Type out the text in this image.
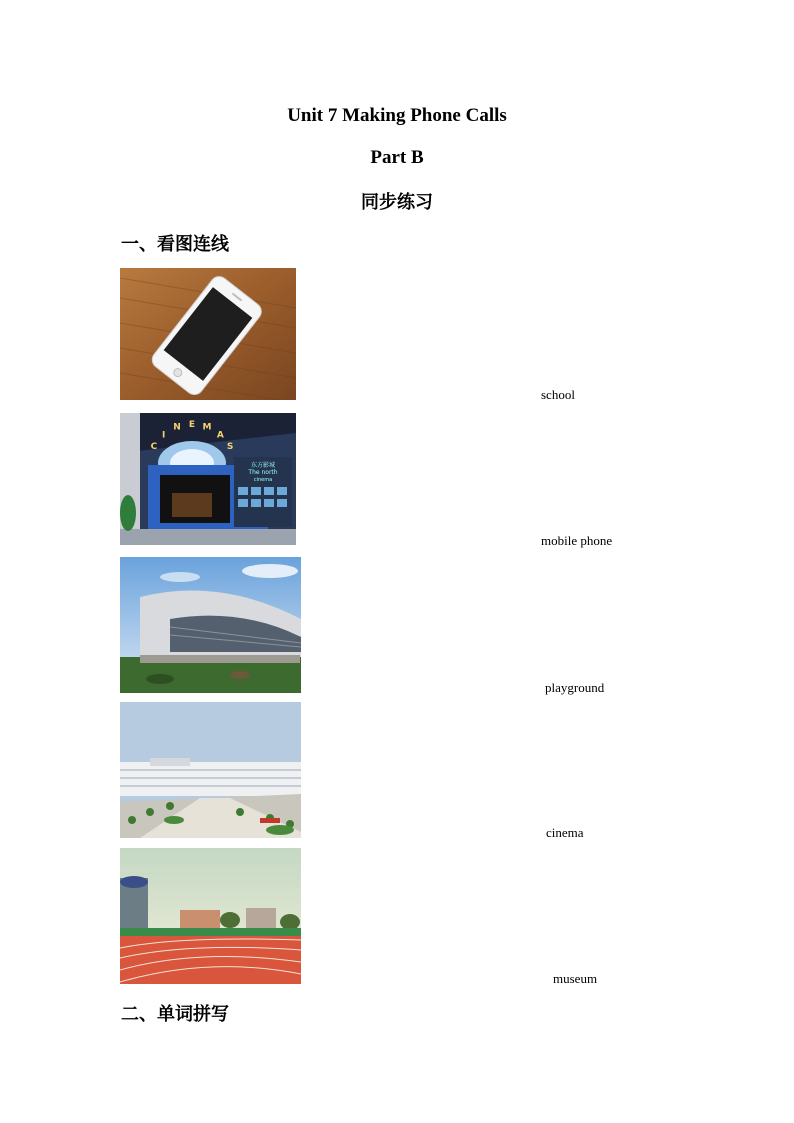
Unit 7 Making Phone Calls
Part B
同步练习
一、看图连线
东方影城
The north
cinema
C
I
N E M
A
S
school
mobile phone
playground
cinema
museum
二、单词拼写
